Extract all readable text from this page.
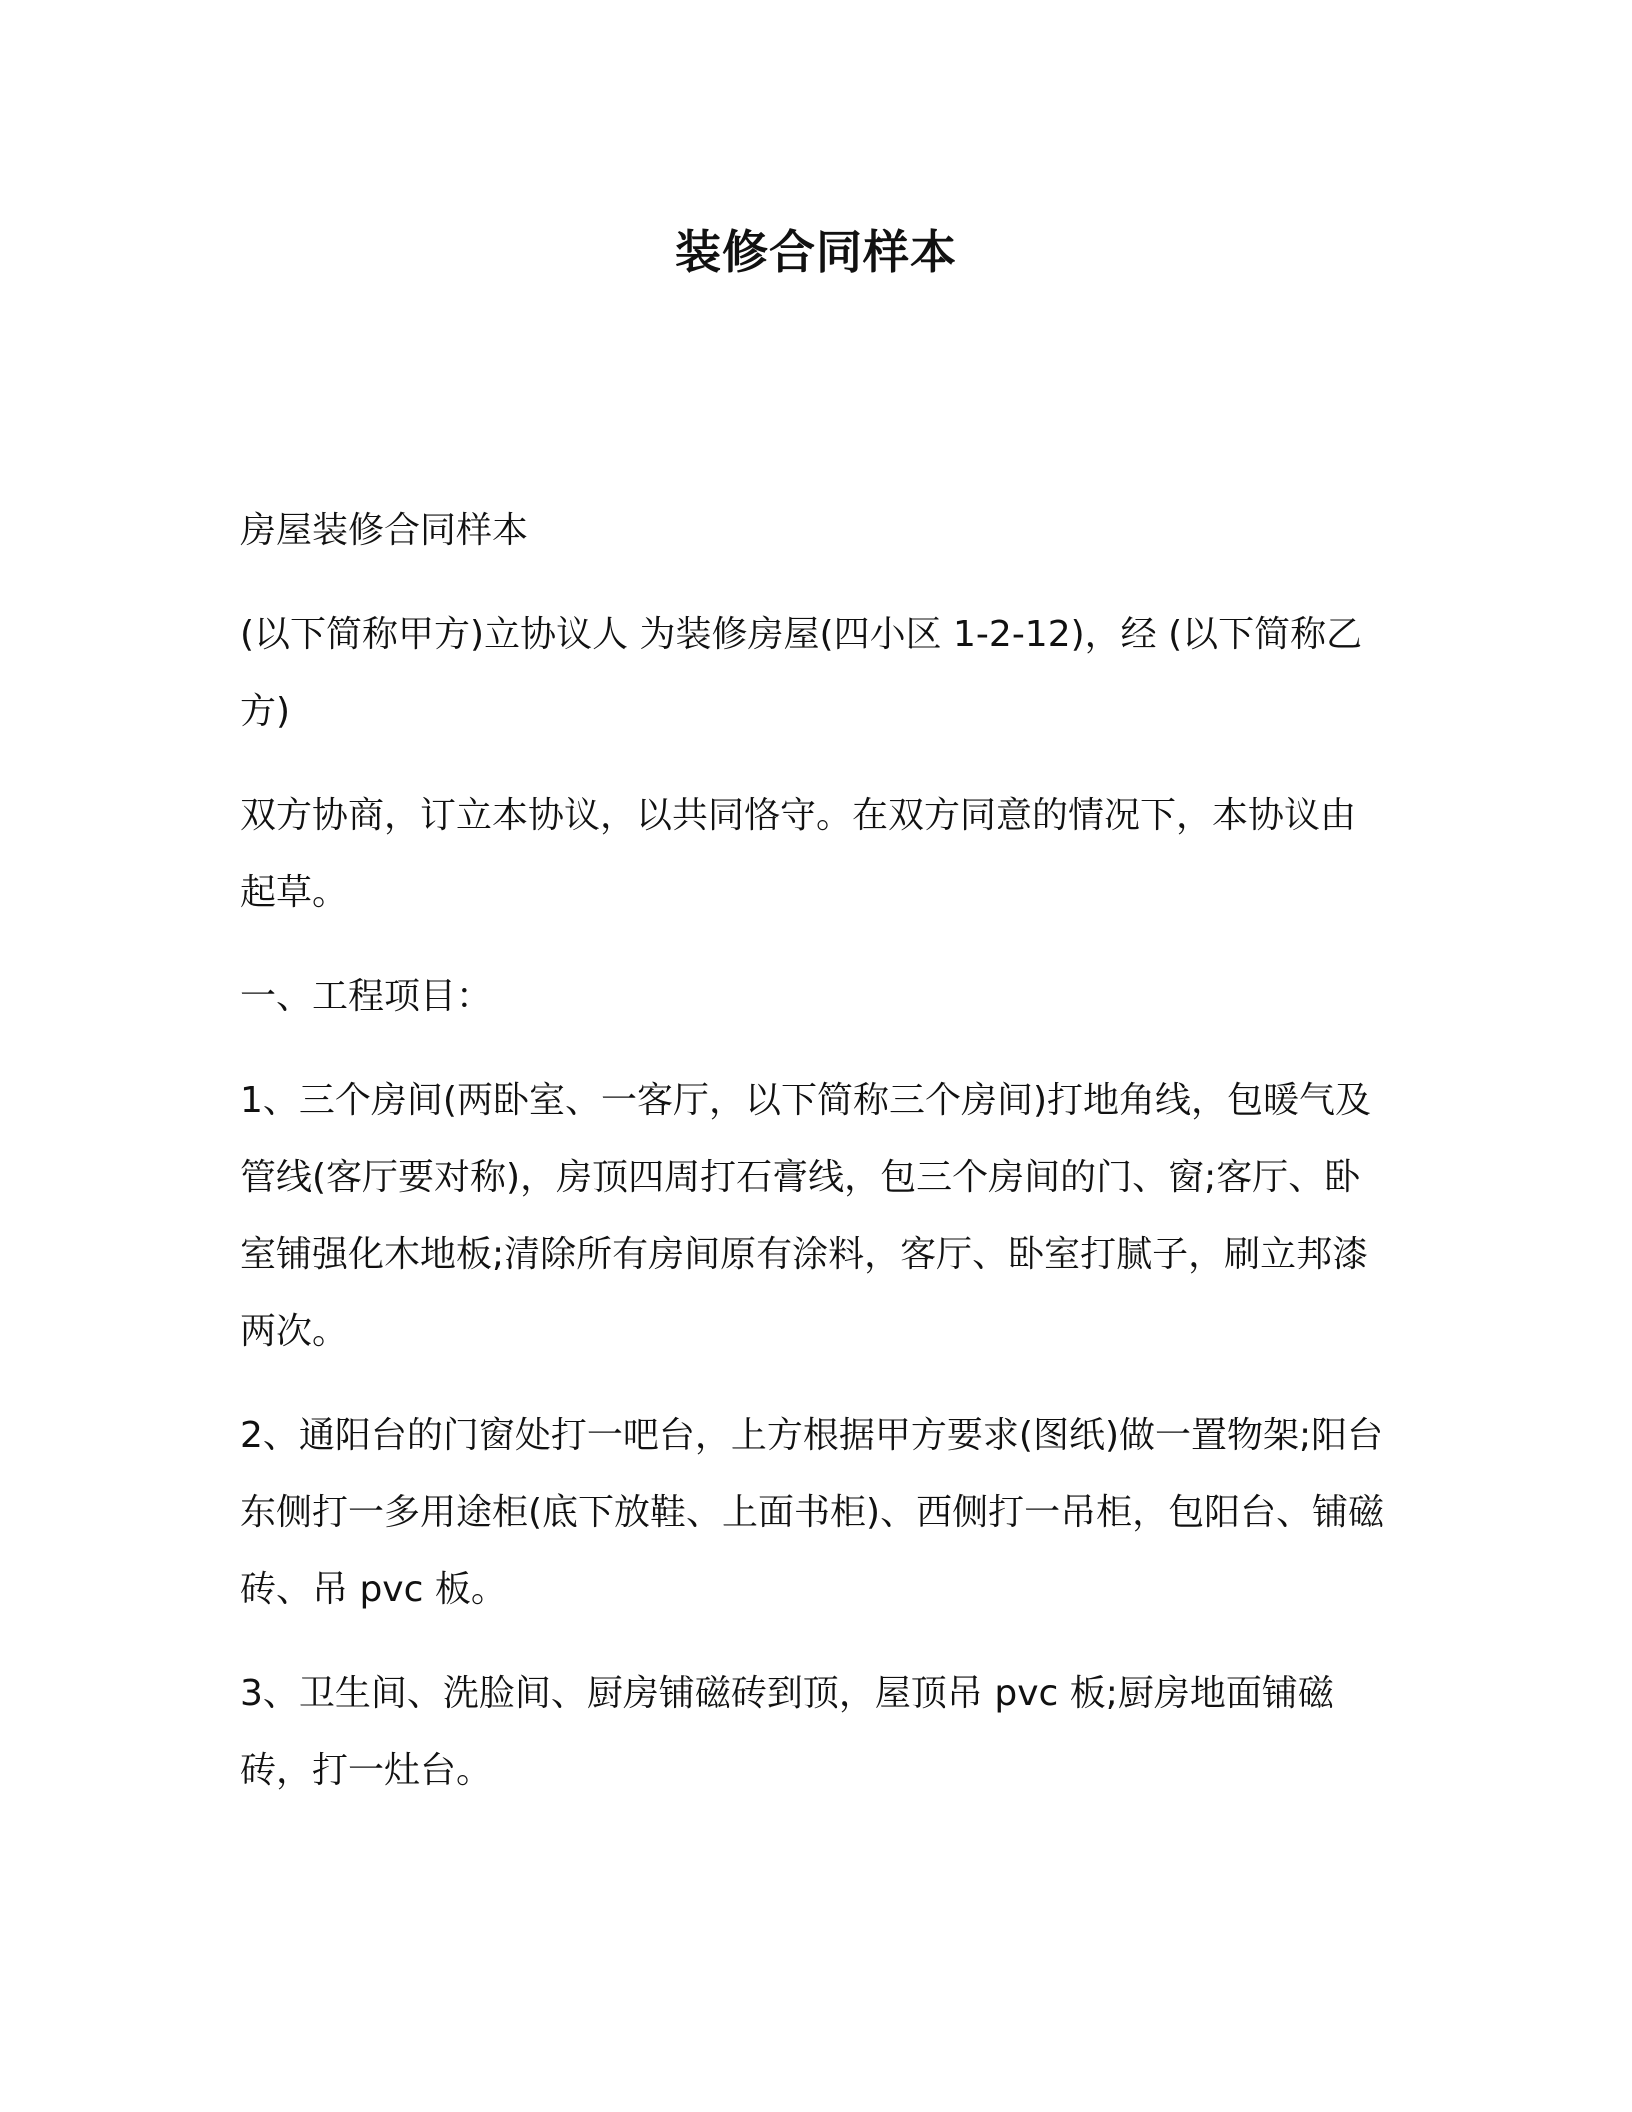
装修合同样本

房屋装修合同样本

(以下简称甲方)立协议人 为装修房屋(四小区 1-2-12)，经 (以下简称乙方)

双方协商，订立本协议，以共同恪守。在双方同意的情况下，本协议由起草。

一、工程项目：

1、三个房间(两卧室、一客厅，以下简称三个房间)打地角线，包暖气及管线(客厅要对称)，房顶四周打石膏线，包三个房间的门、窗;客厅、卧室铺强化木地板;清除所有房间原有涂料，客厅、卧室打腻子，刷立邦漆两次。

2、通阳台的门窗处打一吧台，上方根据甲方要求(图纸)做一置物架;阳台东侧打一多用途柜(底下放鞋、上面书柜)、西侧打一吊柜，包阳台、铺磁砖、吊 pvc 板。

3、卫生间、洗脸间、厨房铺磁砖到顶，屋顶吊 pvc 板;厨房地面铺磁砖，打一灶台。
